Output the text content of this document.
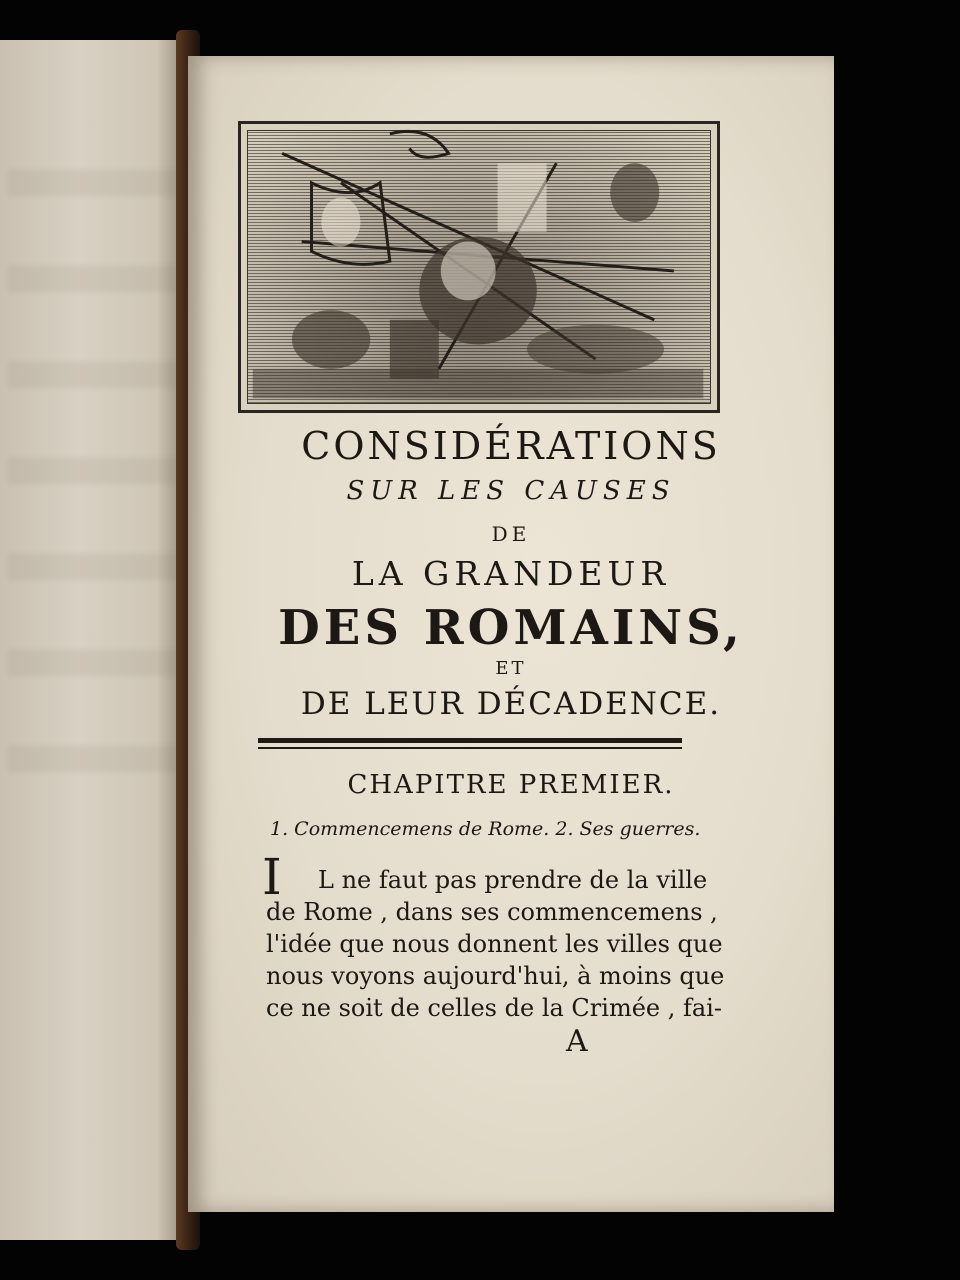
CONSIDÉRATIONS

SUR LES CAUSES

DE

LA GRANDEUR

DES ROMAINS,

ET

DE LEUR DÉCADENCE.

CHAPITRE PREMIER.

1. Commencemens de Rome. 2. Ses guerres.

I L ne faut pas prendre de la ville

de Rome , dans ses commencemens ,

l'idée que nous donnent les villes que

nous voyons aujourd'hui, à moins que

ce ne soit de celles de la Crimée , fai-

A
